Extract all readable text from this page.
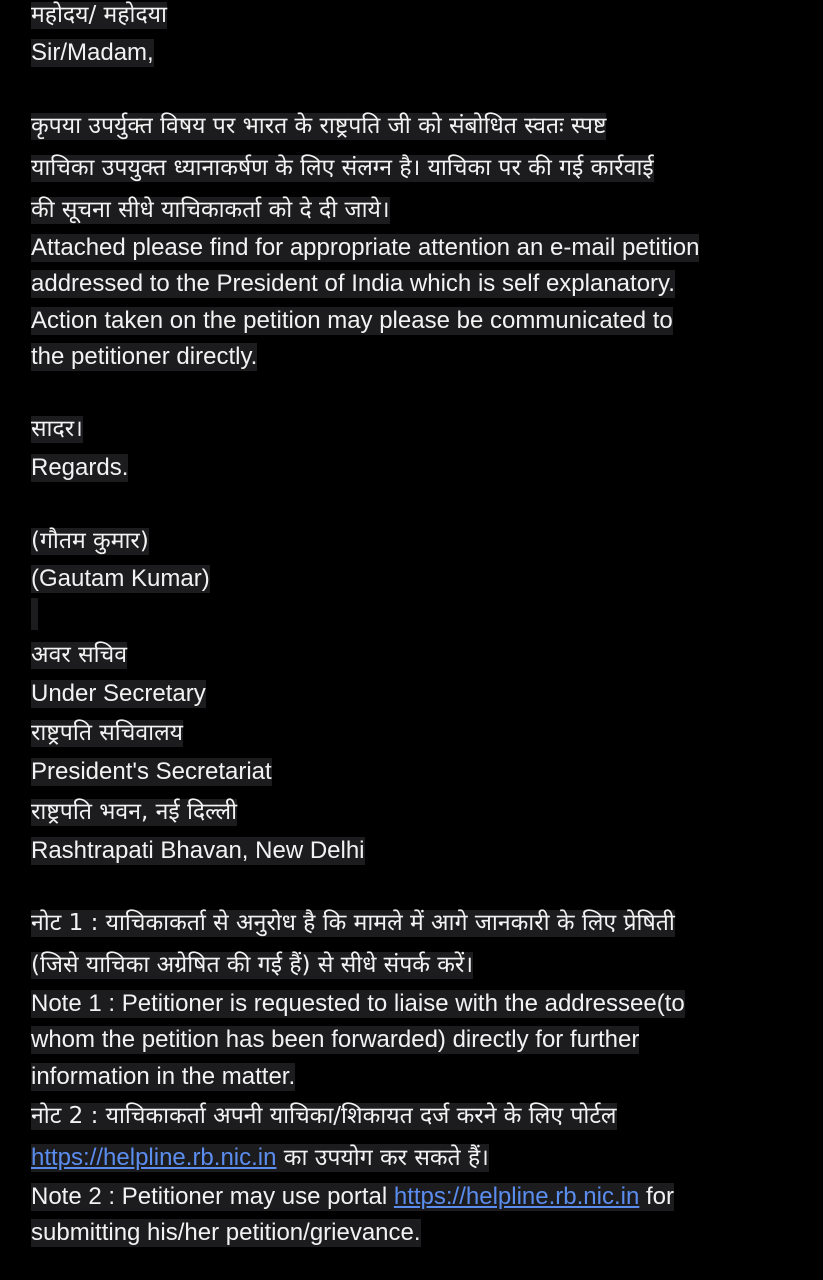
महोदय/ महोदया
Sir/Madam,
कृपया उपर्युक्त विषय पर भारत के राष्ट्रपति जी को संबोधित स्वतः स्पष्ट
याचिका उपयुक्त ध्यानाकर्षण के लिए संलग्न है। याचिका पर की गई कार्रवाई
की सूचना सीधे याचिकाकर्ता को दे दी जाये।
Attached please find for appropriate attention an e-mail petition
addressed to the President of India which is self explanatory.
Action taken on the petition may please be communicated to
the petitioner directly.
सादर।
Regards.
(गौतम कुमार)
(Gautam Kumar)
अवर सचिव
Under Secretary
राष्ट्रपति सचिवालय
President's Secretariat
राष्ट्रपति भवन, नई दिल्ली
Rashtrapati Bhavan, New Delhi
नोट 1 : याचिकाकर्ता से अनुरोध है कि मामले में आगे जानकारी के लिए प्रेषिती
(जिसे याचिका अग्रेषित की गई हैं) से सीधे संपर्क करें।
Note 1 : Petitioner is requested to liaise with the addressee(to
whom the petition has been forwarded) directly for further
information in the matter.
नोट 2 : याचिकाकर्ता अपनी याचिका/शिकायत दर्ज करने के लिए पोर्टल
https://helpline.rb.nic.in का उपयोग कर सकते हैं।
Note 2 : Petitioner may use portal https://helpline.rb.nic.in for
submitting his/her petition/grievance.
